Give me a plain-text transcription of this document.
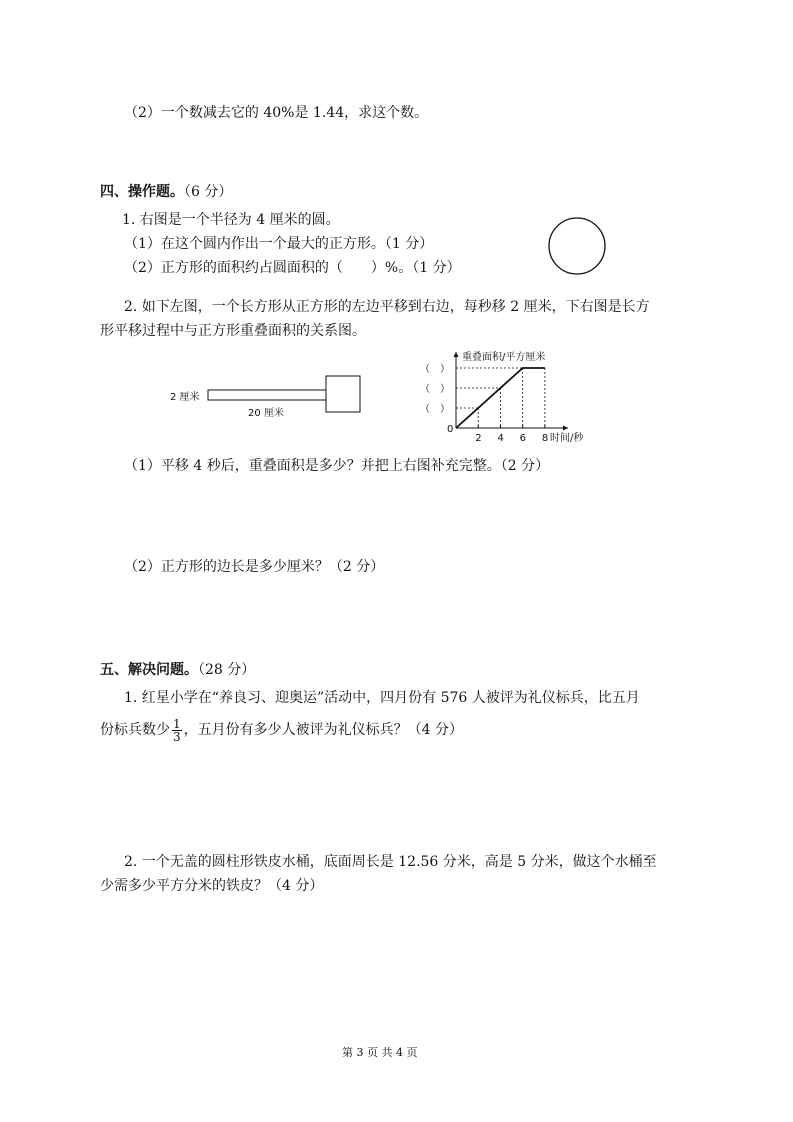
（2）一个数减去它的 40%是 1.44，求这个数。
四、操作题。（6 分）
1. 右图是一个半径为 4 厘米的圆。
（1）在这个圆内作出一个最大的正方形。（1 分）
（2）正方形的面积约占圆面积的（　　）%。（1 分）
2. 如下左图，一个长方形从正方形的左边平移到右边，每秒移 2 厘米，下右图是长方
形平移过程中与正方形重叠面积的关系图。
2 厘米
20 厘米
重叠面积/平方厘米
时间/秒
0
2 4 6 8
（　）
（　）
（　）
（1）平移 4 秒后，重叠面积是多少？并把上右图补充完整。（2 分）
（2）正方形的边长是多少厘米？（2 分）
五、解决问题。（28 分）
1. 红星小学在“养良习、迎奥运”活动中，四月份有 576 人被评为礼仪标兵，比五月
份标兵数少 $\frac{1}{3}$ ，五月份有多少人被评为礼仪标兵？（4 分）
2. 一个无盖的圆柱形铁皮水桶，底面周长是 12.56 分米，高是 5 分米，做这个水桶至
少需多少平方分米的铁皮？（4 分）
第 3 页 共 4 页
